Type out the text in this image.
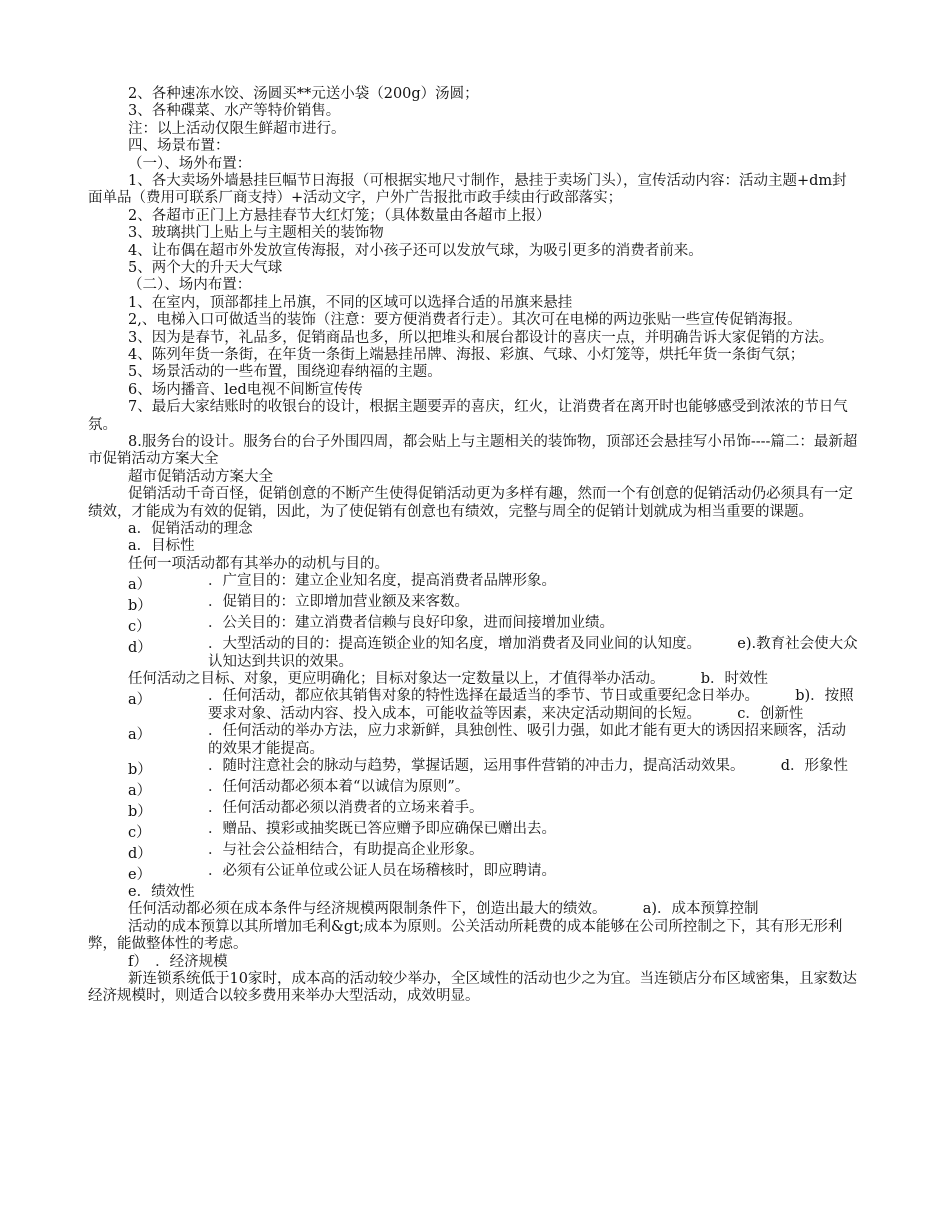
2、各种速冻水饺、汤圆买**元送小袋（200g）汤圆；
3、各种碟菜、水产等特价销售。
注：以上活动仅限生鲜超市进行。
四、场景布置：
（一）、场外布置：
1、各大卖场外墙悬挂巨幅节日海报（可根据实地尺寸制作，悬挂于卖场门头），宣传活动内容：活动主题+dm封面单品（费用可联系厂商支持）+活动文字，户外广告报批市政手续由行政部落实；
2、各超市正门上方悬挂春节大红灯笼；（具体数量由各超市上报）
3、玻璃拱门上贴上与主题相关的装饰物
4、让布偶在超市外发放宣传海报，对小孩子还可以发放气球，为吸引更多的消费者前来。
5、两个大的升天大气球
（二）、场内布置：
1、在室内，顶部都挂上吊旗，不同的区域可以选择合适的吊旗来悬挂
2,、电梯入口可做适当的装饰（注意：要方便消费者行走）。其次可在电梯的两边张贴一些宣传促销海报。
3、因为是春节，礼品多，促销商品也多，所以把堆头和展台都设计的喜庆一点，并明确告诉大家促销的方法。
4、陈列年货一条街，在年货一条街上端悬挂吊牌、海报、彩旗、气球、小灯笼等，烘托年货一条街气氛；
5、场景活动的一些布置，围绕迎春纳福的主题。
6、场内播音、led电视不间断宣传传
7、最后大家结账时的收银台的设计，根据主题要弄的喜庆，红火，让消费者在离开时也能够感受到浓浓的节日气氛。
8.服务台的设计。服务台的台子外围四周，都会贴上与主题相关的装饰物，顶部还会悬挂写小吊饰----篇二：最新超市促销活动方案大全
超市促销活动方案大全
促销活动千奇百怪，促销创意的不断产生使得促销活动更为多样有趣，然而一个有创意的促销活动仍必须具有一定绩效，才能成为有效的促销，因此，为了使促销有创意也有绩效，完整与周全的促销计划就成为相当重要的课题。
a．促销活动的理念
a．目标性
任何一项活动都有其举办的动机与目的。
a）	．广宣目的：建立企业知名度，提高消费者品牌形象。
b）	．促销目的：立即增加营业额及来客数。
c）	．公关目的：建立消费者信赖与良好印象，进而间接增加业绩。
d）	．大型活动的目的：提高连锁企业的知名度，增加消费者及同业间的认知度。　　　e).教育社会使大众认知达到共识的效果。
任何活动之目标、对象，更应明确化；目标对象达一定数量以上，才值得举办活动。　　　b．时效性
a）	．任何活动，都应依其销售对象的特性选择在最适当的季节、节日或重要纪念日举办。　　　b)．按照要求对象、活动内容、投入成本，可能收益等因素，来决定活动期间的长短。　　　c．创新性
a）	．任何活动的举办方法，应力求新鲜，具独创性、吸引力强，如此才能有更大的诱因招来顾客，活动的效果才能提高。
b）	．随时注意社会的脉动与趋势，掌握话题，运用事件营销的冲击力，提高活动效果。　　　d．形象性
a）	．任何活动都必须本着“以诚信为原则”。
b）	．任何活动都必须以消费者的立场来着手。
c）	．赠品、摸彩或抽奖既已答应赠予即应确保已赠出去。
d）	．与社会公益相结合，有助提高企业形象。
e）	．必须有公证单位或公证人员在场稽核时，即应聘请。
e．绩效性
任何活动都必须在成本条件与经济规模两限制条件下，创造出最大的绩效。　　　a)．成本预算控制
活动的成本预算以其所增加毛利&gt;成本为原则。公关活动所耗费的成本能够在公司所控制之下，其有形无形利弊，能做整体性的考虑。
f）　．经济规模
新连锁系统低于10家时，成本高的活动较少举办，全区域性的活动也少之为宜。当连锁店分布区域密集，且家数达经济规模时，则适合以较多费用来举办大型活动，成效明显。
